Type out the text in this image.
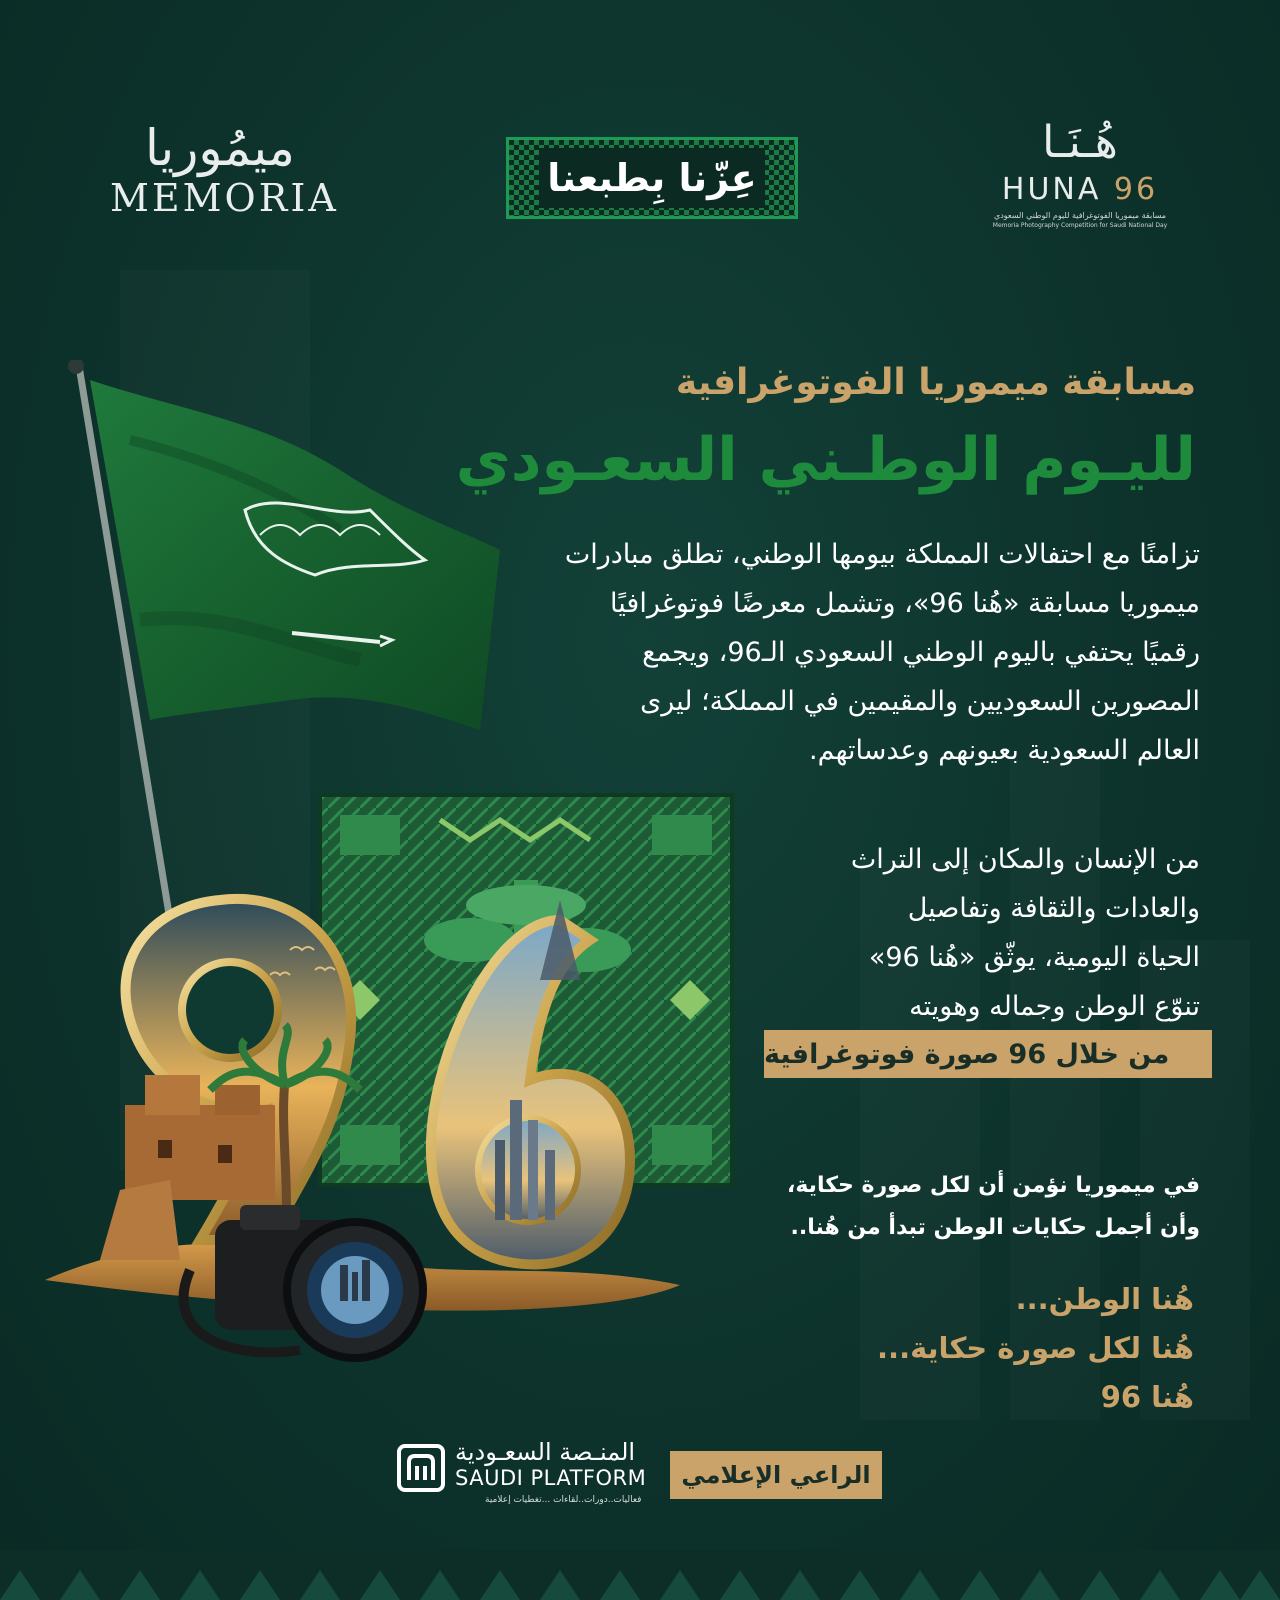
ميمُوريا
MEMORIA	عِزّنا بِطبعنا
هُـنَـا
HUNA 96
مسابقة ميموريا الفوتوغرافية لليوم الوطني السعودي
Memoria Photography Competition for Saudi National Day
مسابقة ميموريا الفوتوغرافية
لليـوم الوطـني السعـودي
تزامنًا مع احتفالات المملكة بيومها الوطني، تطلق مبادرات
ميموريا مسابقة «هُنا 96»، وتشمل معرضًا فوتوغرافيًا
رقميًا يحتفي باليوم الوطني السعودي الـ96، ويجمع
المصورين السعوديين والمقيمين في المملكة؛ ليرى
العالم السعودية بعيونهم وعدساتهم.
من الإنسان والمكان إلى التراث
والعادات والثقافة وتفاصيل
الحياة اليومية، يوثّق «هُنا 96»
تنوّع الوطن وجماله وهويته
من خلال 96 صورة فوتوغرافية
في ميموريا نؤمن أن لكل صورة حكاية،
وأن أجمل حكايات الوطن تبدأ من هُنا..
هُنا الوطن...
هُنا لكل صورة حكاية...
هُنا 96
المنـصة السعـودية
SAUDI PLATFORM
فعاليات..دورات..لقاءات ...تغطيات إعلامية
الراعي الإعلامي
